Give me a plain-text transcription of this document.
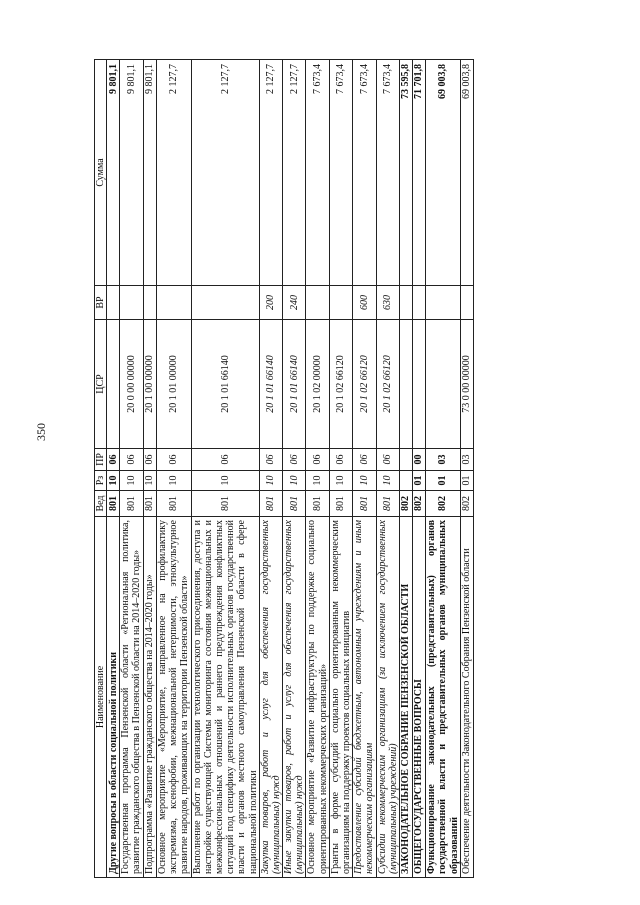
350
Наименование	Вед	Рз	ПР	ЦСР	ВР	Сумма
Другие вопросы в области социальной политики	801	10	06			9 801,1
Государственная программа Пензенской области «Региональная политика, развитие гражданского общества в Пензенской области на 2014–2020 годы»	801	10	06	20 0 00 00000		9 801,1
Подпрограмма «Развитие гражданского общества на 2014–2020 годы»	801	10	06	20 1 00 00000		9 801,1
Основное мероприятие «Мероприятие, направленное на профилактику экстремизма, ксенофобии, межнациональной нетерпимости, этнокультурное развитие народов, проживающих на территории Пензенской области»	801	10	06	20 1 01 00000		2 127,7
Выполнение работ по организации технологического присоединения, доступа и настройке существующей Системы мониторинга состояния межнациональных и межконфессиональных отношений и раннего предупреждения конфликтных ситуаций под специфику деятельности исполнительных органов государственной власти и органов местного самоуправления Пензенской области в сфере национальной политики	801	10	06	20 1 01 66140		2 127,7
Закупка товаров, работ и услуг для обеспечения государственных (муниципальных) нужд	801	10	06	20 1 01 66140	200	2 127,7
Иные закупки товаров, работ и услуг для обеспечения государственных (муниципальных) нужд	801	10	06	20 1 01 66140	240	2 127,7
Основное мероприятие «Развитие инфраструктуры по поддержке социально ориентированных некоммерческих организаций»	801	10	06	20 1 02 00000		7 673,4
Гранты в форме субсидий социально ориентированным некоммерческим организациям на поддержку проектов социальных инициатив	801	10	06	20 1 02 66120		7 673,4
Предоставление субсидий бюджетным, автономным учреждениям и иным некоммерческим организациям	801	10	06	20 1 02 66120	600	7 673,4
Субсидии некоммерческим организациям (за исключением государственных (муниципальных) учреждений)	801	10	06	20 1 02 66120	630	7 673,4
ЗАКОНОДАТЕЛЬНОЕ СОБРАНИЕ ПЕНЗЕНСКОЙ ОБЛАСТИ	802					73 595,8
ОБЩЕГОСУДАРСТВЕННЫЕ ВОПРОСЫ	802	01	00			71 701,8
Функционирование законодательных (представительных) органов государственной власти и представительных органов муниципальных образований	802	01	03			69 003,8
Обеспечение деятельности Законодательного Собрания Пензенской области	802	01	03	73 0 00 00000		69 003,8
